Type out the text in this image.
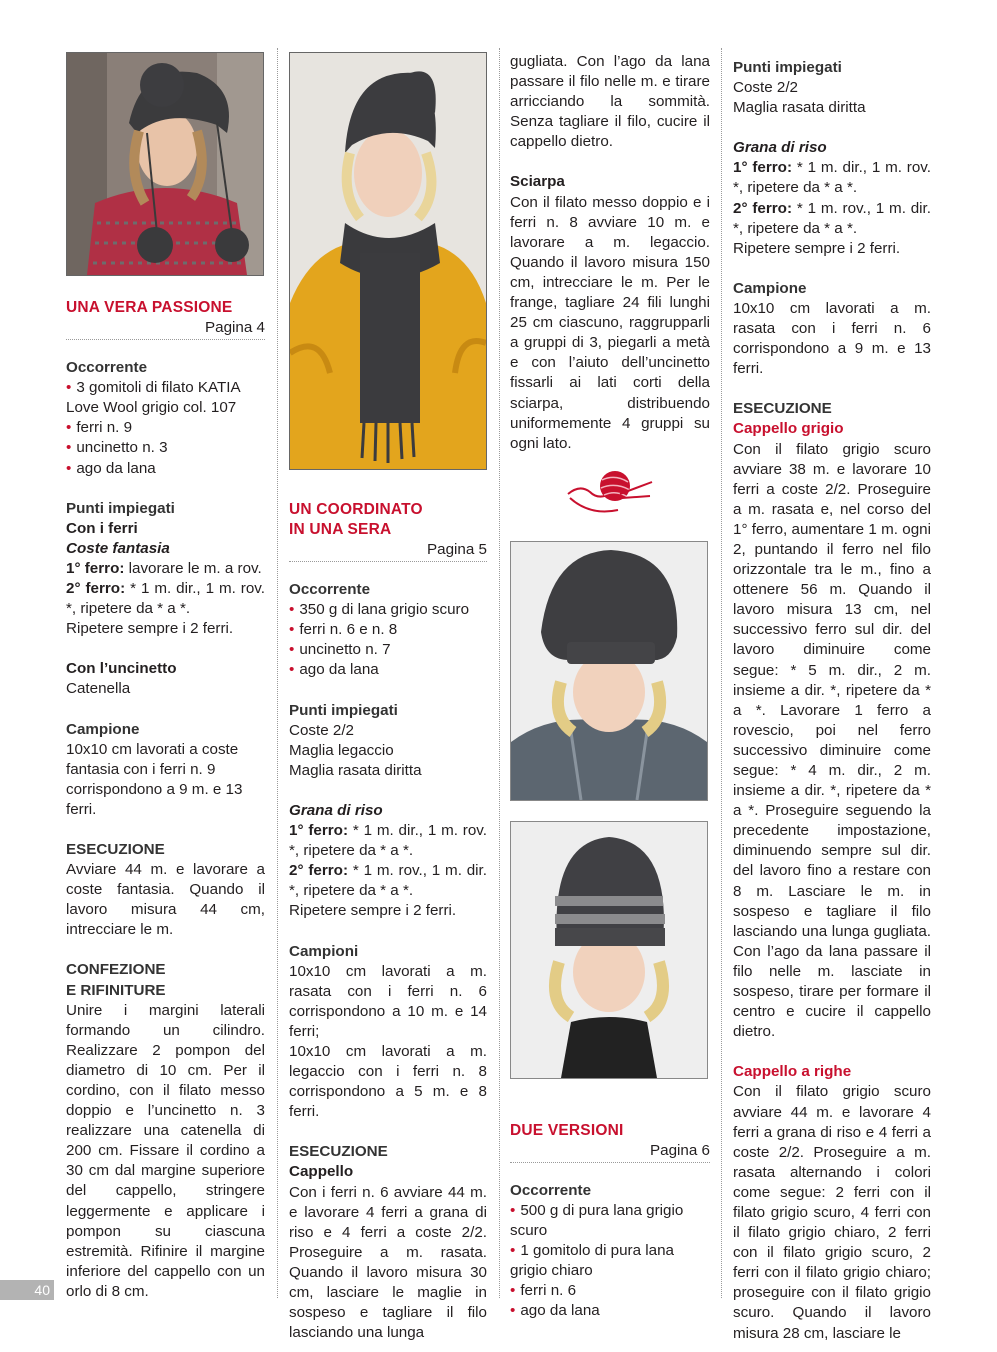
UNA VERA PASSIONE
Pagina 4
Occorrente
• 3 gomitoli di filato KATIA
Love Wool grigio col. 107
• ferri n. 9
• uncinetto n. 3
• ago da lana
Punti impiegati
Con i ferri
Coste fantasia

1° ferro: lavorare le m. a rov.

2° ferro: * 1 m. dir., 1 m. rov. *, ripetere da * a *.

Ripetere sempre i 2 ferri.

Con l’uncinetto
Catenella
Campione

10x10 cm lavorati a coste fantasia con i ferri n. 9 corrispondono a 9 m. e 13 ferri.

ESECUZIONE

Avviare 44 m. e lavorare a coste fantasia. Quando il lavoro misura 44 cm, intrecciare le m.

CONFEZIONE
E RIFINITURE

Unire i margini laterali formando un cilindro. Realizzare 2 pompon del diametro di 10 cm. Per il cordino, con il filato messo doppio e l’uncinetto n. 3 realizzare una catenella di 200 cm. Fissare il cordino a 30 cm dal margine superiore del cappello, stringere leggermente e applicare i pompon su ciascuna estremità. Rifinire il margine inferiore del cappello con un orlo di 8 cm.

UN COORDINATO
IN UNA SERA
Pagina 5
Occorrente
• 350 g di lana grigio scuro
• ferri n. 6 e n. 8
• uncinetto n. 7
• ago da lana
Punti impiegati
Coste 2/2
Maglia legaccio
Maglia rasata diritta
Grana di riso

1° ferro: * 1 m. dir., 1 m. rov. *, ripetere da * a *.

2° ferro: * 1 m. rov., 1 m. dir. *, ripetere da * a *.

Ripetere sempre i 2 ferri.

Campioni

10x10 cm lavorati a m. rasata con i ferri n. 6 corrispondono a 10 m. e 14 ferri;

10x10 cm lavorati a m. legaccio con i ferri n. 8 corrispondono a 5 m. e 8 ferri.

ESECUZIONE
Cappello

Con i ferri n. 6 avviare 44 m. e lavorare 4 ferri a grana di riso e 4 ferri a coste 2/2. Proseguire a m. rasata. Quando il lavoro misura 30 cm, lasciare le maglie in sospeso e tagliare il filo lasciando una lunga

gugliata. Con l’ago da lana passare il filo nelle m. e tirare arricciando la sommità. Senza tagliare il filo, cucire il cappello dietro.

Sciarpa

Con il filato messo doppio e i ferri n. 8 avviare 10 m. e lavorare a m. legaccio. Quando il lavoro misura 150 cm, intrecciare le m. Per le frange, tagliare 24 fili lunghi 25 cm ciascuno, raggrupparli a gruppi di 3, piegarli a metà e con l’aiuto dell’uncinetto fissarli ai lati corti della sciarpa, distribuendo uniformemente 4 gruppi su ogni lato.

DUE VERSIONI
Pagina 6
Occorrente
• 500 g di pura lana grigio scuro
• 1 gomitolo di pura lana grigio chiaro
• ferri n. 6
• ago da lana
Punti impiegati
Coste 2/2
Maglia rasata diritta
Grana di riso

1° ferro: * 1 m. dir., 1 m. rov. *, ripetere da * a *.

2° ferro: * 1 m. rov., 1 m. dir. *, ripetere da * a *.

Ripetere sempre i 2 ferri.

Campione

10x10 cm lavorati a m. rasata con i ferri n. 6 corrispondono a 9 m. e 13 ferri.

ESECUZIONE
Cappello grigio

Con il filato grigio scuro avviare 38 m. e lavorare 10 ferri a coste 2/2. Proseguire a m. rasata e, nel corso del 1° ferro, aumentare 1 m. ogni 2, puntando il ferro nel filo orizzontale tra le m., fino a ottenere 56 m. Quando il lavoro misura 13 cm, nel successivo ferro sul dir. del lavoro diminuire come segue: * 5 m. dir., 2 m. insieme a dir. *, ripetere da * a *. Lavorare 1 ferro a rovescio, poi nel ferro successivo diminuire come segue: * 4 m. dir., 2 m. insieme a dir. *, ripetere da * a *. Proseguire seguendo la precedente impostazione, diminuendo sempre sul dir. del lavoro fino a restare con 8 m. Lasciare le m. in sospeso e tagliare il filo lasciando una lunga gugliata. Con l’ago da lana passare il filo nelle m. lasciate in sospeso, tirare per formare il centro e cucire il cappello dietro.

Cappello a righe

Con il filato grigio scuro avviare 44 m. e lavorare 4 ferri a grana di riso e 4 ferri a coste 2/2. Proseguire a m. rasata alternando i colori come segue: 2 ferri con il filato grigio scuro, 4 ferri con il filato grigio chiaro, 2 ferri con il filato grigio scuro, 2 ferri con il filato grigio chiaro; proseguire con il filato grigio scuro. Quando il lavoro misura 28 cm, lasciare le

40
